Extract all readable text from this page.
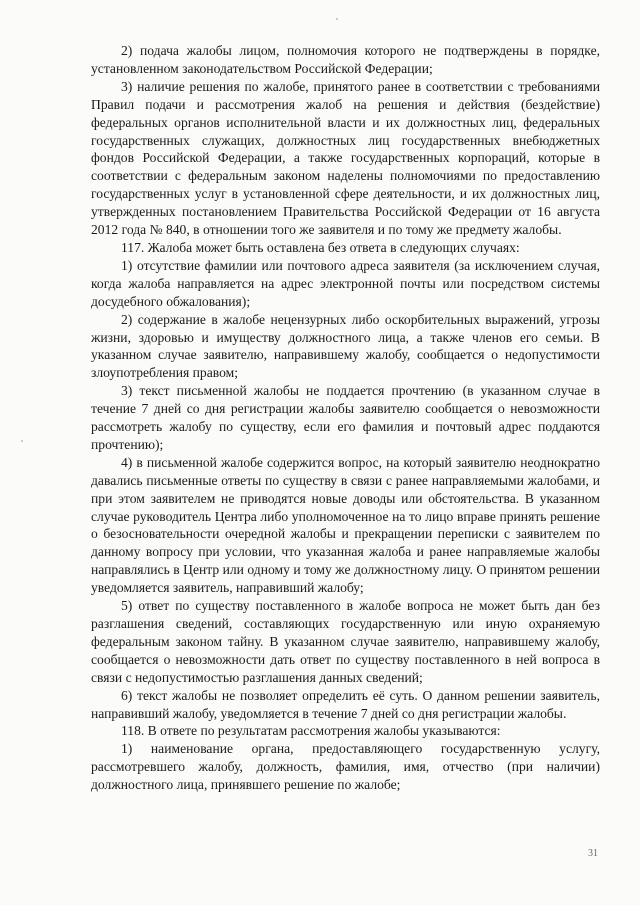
2) подача жалобы лицом, полномочия которого не подтверждены в порядке, установленном законодательством Российской Федерации;

3) наличие решения по жалобе, принятого ранее в соответствии с требованиями Правил подачи и рассмотрения жалоб на решения и действия (бездействие) федеральных органов исполнительной власти и их должностных лиц, федеральных государственных служащих, должностных лиц государственных внебюджетных фондов Российской Федерации, а также государственных корпораций, которые в соответствии с федеральным законом наделены полномочиями по предоставлению государственных услуг в установленной сфере деятельности, и их должностных лиц, утвержденных постановлением Правительства Российской Федерации от 16 августа 2012 года № 840, в отношении того же заявителя и по тому же предмету жалобы.

117. Жалоба может быть оставлена без ответа в следующих случаях:

1) отсутствие фамилии или почтового адреса заявителя (за исключением случая, когда жалоба направляется на адрес электронной почты или посредством системы досудебного обжалования);

2) содержание в жалобе нецензурных либо оскорбительных выражений, угрозы жизни, здоровью и имуществу должностного лица, а также членов его семьи. В указанном случае заявителю, направившему жалобу, сообщается о недопустимости злоупотребления правом;

3) текст письменной жалобы не поддается прочтению (в указанном случае в течение 7 дней со дня регистрации жалобы заявителю сообщается о невозможности рассмотреть жалобу по существу, если его фамилия и почтовый адрес поддаются прочтению);

4) в письменной жалобе содержится вопрос, на который заявителю неоднократно давались письменные ответы по существу в связи с ранее направляемыми жалобами, и при этом заявителем не приводятся новые доводы или обстоятельства. В указанном случае руководитель Центра либо уполномоченное на то лицо вправе принять решение о безосновательности очередной жалобы и прекращении переписки с заявителем по данному вопросу при условии, что указанная жалоба и ранее направляемые жалобы направлялись в Центр или одному и тому же должностному лицу. О принятом решении уведомляется заявитель, направивший жалобу;

5) ответ по существу поставленного в жалобе вопроса не может быть дан без разглашения сведений, составляющих государственную или иную охраняемую федеральным законом тайну. В указанном случае заявителю, направившему жалобу, сообщается о невозможности дать ответ по существу поставленного в ней вопроса в связи с недопустимостью разглашения данных сведений;

6) текст жалобы не позволяет определить её суть. О данном решении заявитель, направивший жалобу, уведомляется в течение 7 дней со дня регистрации жалобы.

118. В ответе по результатам рассмотрения жалобы указываются:

1) наименование органа, предоставляющего государственную услугу, рассмотревшего жалобу, должность, фамилия, имя, отчество (при наличии) должностного лица, принявшего решение по жалобе;

31
